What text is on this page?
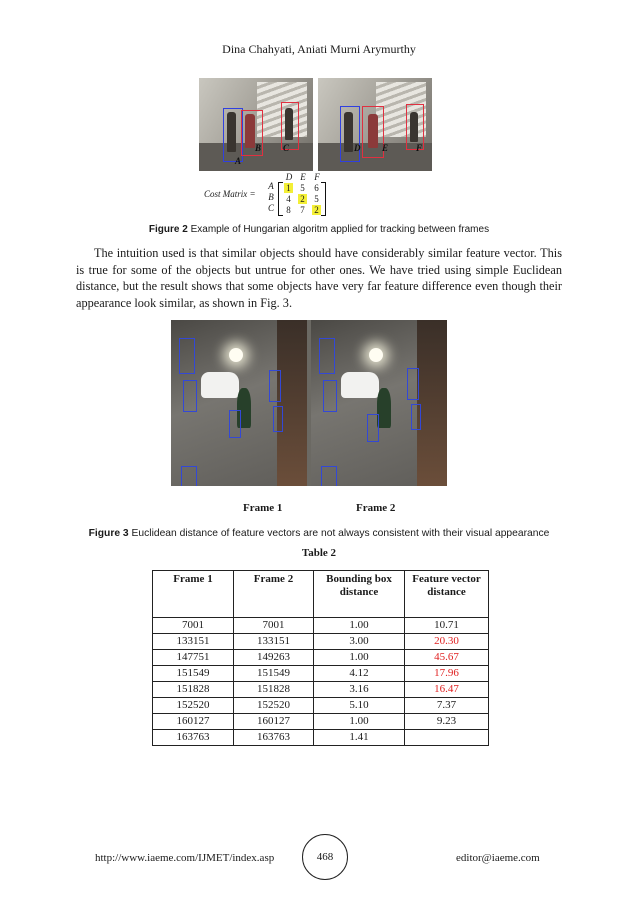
Dina Chahyati, Aniati Murni Arymurthy
A
B C	D E	F
Cost Matrix =
A
B
C
D E F
1 5 6
4 2 5
8 7 2
Figure 2 Example of Hungarian algoritm applied for tracking between frames
The intuition used is that similar objects should have considerably similar feature vector. This is true for some of the objects but untrue for other ones. We have tried using simple Euclidean distance, but the result shows that some objects have very far feature difference even though their appearance look similar, as shown in Fig. 3.
Frame 1	Frame 2
Figure 3 Euclidean distance of feature vectors are not always consistent with their visual appearance
Table 2
Frame 1	Frame 2	Bounding box distance	Feature vector distance
7001	7001	1.00	10.71
133151	133151	3.00	20.30
147751	149263	1.00	45.67
151549	151549	4.12	17.96
151828	151828	3.16	16.47
152520	152520	5.10	7.37
160127	160127	1.00	9.23
163763	163763	1.41	
http://www.iaeme.com/IJMET/index.asp	468	editor@iaeme.com
